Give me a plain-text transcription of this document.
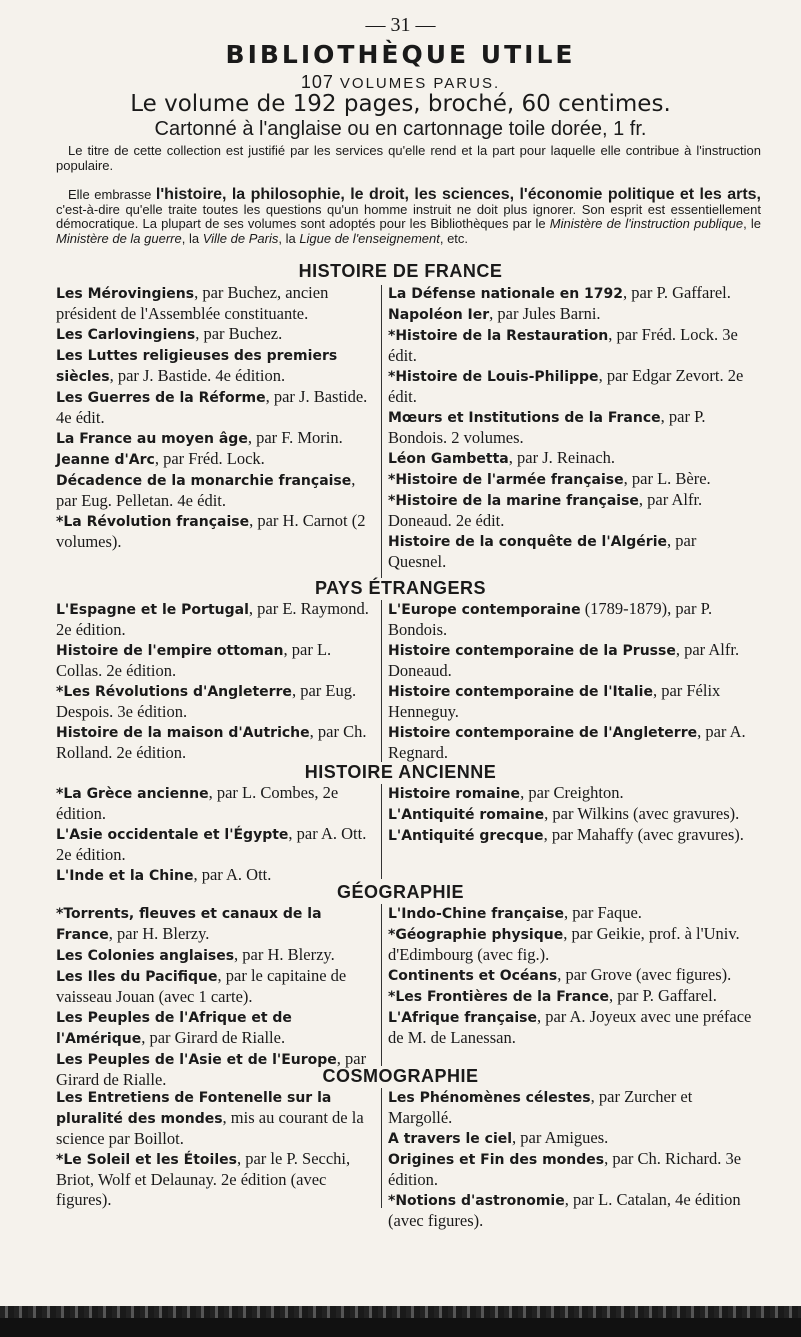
— 31 —
BIBLIOTHÈQUE UTILE
107 VOLUMES PARUS.
Le volume de 192 pages, broché, 60 centimes.
Cartonné à l'anglaise ou en cartonnage toile dorée, 1 fr.

Le titre de cette collection est justifié par les services qu'elle rend et la part pour laquelle elle contribue à l'instruction populaire.

Elle embrasse l'histoire, la philosophie, le droit, les sciences, l'économie politique et les arts, c'est-à-dire qu'elle traite toutes les questions qu'un homme instruit ne doit plus ignorer. Son esprit est essentiellement démocratique. La plupart de ses volumes sont adoptés pour les Bibliothèques par le Ministère de l'instruction publique, le Ministère de la guerre, la Ville de Paris, la Ligue de l'enseignement, etc.

HISTOIRE DE FRANCE

Les Mérovingiens, par Buchez, ancien président de l'Assemblée constituante.

Les Carlovingiens, par Buchez.

Les Luttes religieuses des premiers siècles, par J. Bastide. 4e édition.

Les Guerres de la Réforme, par J. Bastide. 4e édit.

La France au moyen âge, par F. Morin.

Jeanne d'Arc, par Fréd. Lock.

Décadence de la monarchie française, par Eug. Pelletan. 4e édit.

*La Révolution française, par H. Carnot (2 volumes).

La Défense nationale en 1792, par P. Gaffarel.

Napoléon Ier, par Jules Barni.

*Histoire de la Restauration, par Fréd. Lock. 3e édit.

*Histoire de Louis-Philippe, par Edgar Zevort. 2e édit.

Mœurs et Institutions de la France, par P. Bondois. 2 volumes.

Léon Gambetta, par J. Reinach.

*Histoire de l'armée française, par L. Bère.

*Histoire de la marine française, par Alfr. Doneaud. 2e édit.

Histoire de la conquête de l'Algérie, par Quesnel.

PAYS ÉTRANGERS

L'Espagne et le Portugal, par E. Raymond. 2e édition.

Histoire de l'empire ottoman, par L. Collas. 2e édition.

*Les Révolutions d'Angleterre, par Eug. Despois. 3e édition.

Histoire de la maison d'Autriche, par Ch. Rolland. 2e édition.

L'Europe contemporaine (1789-1879), par P. Bondois.

Histoire contemporaine de la Prusse, par Alfr. Doneaud.

Histoire contemporaine de l'Italie, par Félix Henneguy.

Histoire contemporaine de l'Angleterre, par A. Regnard.

HISTOIRE ANCIENNE

*La Grèce ancienne, par L. Combes, 2e édition.

L'Asie occidentale et l'Égypte, par A. Ott. 2e édition.

L'Inde et la Chine, par A. Ott.

Histoire romaine, par Creighton.

L'Antiquité romaine, par Wilkins (avec gravures).

L'Antiquité grecque, par Mahaffy (avec gravures).

GÉOGRAPHIE

*Torrents, fleuves et canaux de la France, par H. Blerzy.

Les Colonies anglaises, par H. Blerzy.

Les Iles du Pacifique, par le capitaine de vaisseau Jouan (avec 1 carte).

Les Peuples de l'Afrique et de l'Amérique, par Girard de Rialle.

Les Peuples de l'Asie et de l'Europe, par Girard de Rialle.

L'Indo-Chine française, par Faque.

*Géographie physique, par Geikie, prof. à l'Univ. d'Edimbourg (avec fig.).

Continents et Océans, par Grove (avec figures).

*Les Frontières de la France, par P. Gaffarel.

L'Afrique française, par A. Joyeux avec une préface de M. de Lanessan.

COSMOGRAPHIE

Les Entretiens de Fontenelle sur la pluralité des mondes, mis au courant de la science par Boillot.

*Le Soleil et les Étoiles, par le P. Secchi, Briot, Wolf et Delaunay. 2e édition (avec figures).

Les Phénomènes célestes, par Zurcher et Margollé.

A travers le ciel, par Amigues.

Origines et Fin des mondes, par Ch. Richard. 3e édition.

*Notions d'astronomie, par L. Catalan, 4e édition (avec figures).
